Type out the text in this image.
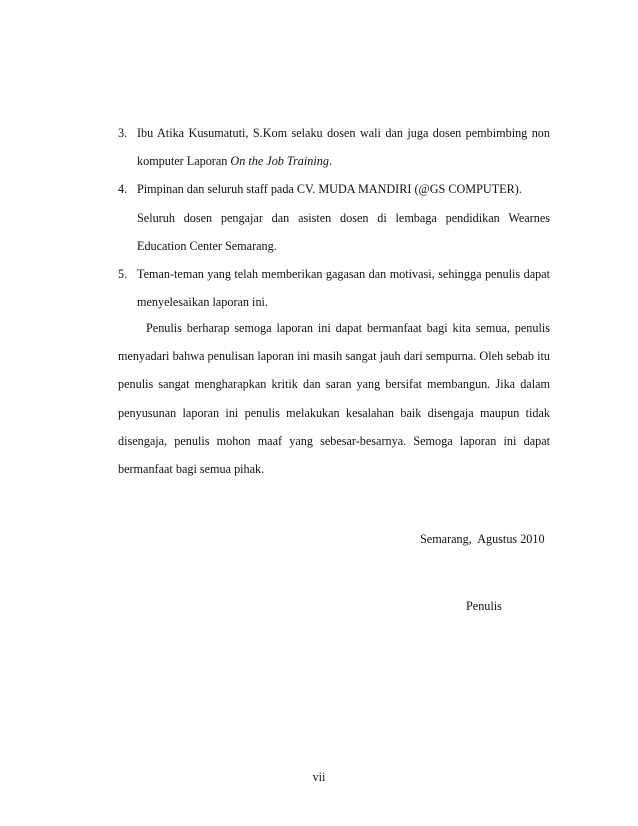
3. Ibu Atika Kusumatuti, S.Kom selaku dosen wali dan juga dosen pembimbing non komputer Laporan On the Job Training.

4. Pimpinan dan seluruh staff pada CV. MUDA MANDIRI (@GS COMPUTER).

Seluruh dosen pengajar dan asisten dosen di lembaga pendidikan Wearnes Education Center Semarang.

5. Teman-teman yang telah memberikan gagasan dan motivasi, sehingga penulis dapat menyelesaikan laporan ini.

Penulis berharap semoga laporan ini dapat bermanfaat bagi kita semua, penulis menyadari bahwa penulisan laporan ini masih sangat jauh dari sempurna. Oleh sebab itu penulis sangat mengharapkan kritik dan saran yang bersifat membangun. Jika dalam penyusunan laporan ini penulis melakukan kesalahan baik disengaja maupun tidak disengaja, penulis mohon maaf yang sebesar-besarnya. Semoga laporan ini dapat bermanfaat bagi semua pihak.

Semarang,  Agustus 2010
Penulis
vii
